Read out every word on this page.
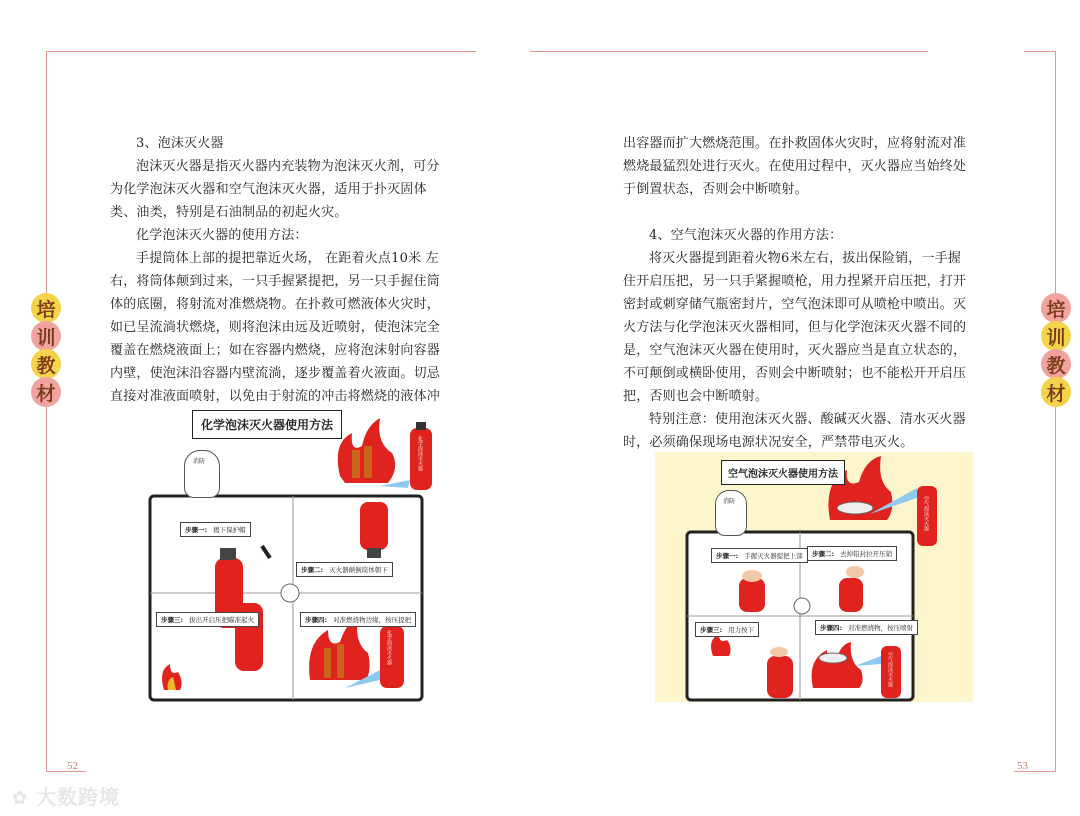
52	53
培
训
教
材
培
训
教
材

3、泡沫灭火器

泡沫灭火器是指灭火器内充装物为泡沫灭火剂，可分为化学泡沫灭火器和空气泡沫灭火器，适用于扑灭固体类、油类，特别是石油制品的初起火灾。

化学泡沫灭火器的使用方法：

手提筒体上部的提把靠近火场， 在距着火点10米 左右，将筒体颠到过来，一只手握紧提把，另一只手握住筒体的底圈，将射流对准燃烧物。在扑救可燃液体火灾时，如已呈流淌状燃烧，则将泡沫由远及近喷射，使泡沫完全覆盖在燃烧液面上；如在容器内燃烧，应将泡沫射向容器内壁，使泡沫沿容器内壁流淌，逐步覆盖着火液面。切忌直接对准液面喷射，以免由于射流的冲击将燃烧的液体冲

出容器而扩大燃烧范围。在扑救固体火灾时，应将射流对准燃烧最猛烈处进行灭火。在使用过程中，灭火器应当始终处于倒置状态，否则会中断喷射。

4、空气泡沫灭火器的作用方法：

将灭火器提到距着火物6米左右，拔出保险销，一手握住开启压把，另一只手紧握喷枪，用力捏紧开启压把，打开密封或刺穿储气瓶密封片，空气泡沫即可从喷枪中喷出。灭火方法与化学泡沫灭火器相同，但与化学泡沫灭火器不同的是，空气泡沫灭火器在使用时，灭火器应当是直立状态的，不可颠倒或横卧使用，否则会中断喷射；也不能松开开启压把，否则也会中断喷射。

特别注意：使用泡沫灭火器、酸碱灭火器、清水灭火器时，必须确保现场电源状况安全，严禁带电灭火。

消防
化学泡沫灭火器使用方法
化学泡沫灭火器
化学泡沫灭火器
步骤一: 揭下保护帽
步骤二: 灭火器颠倒筒体朝下
步骤三: 拔出开启压把瞄准起火	步骤四: 对准燃烧物边缘，按压提把
消防
空气泡沫灭火器使用方法
空气泡沫灭火器
空气泡沫灭火器
步骤一: 手握灭火器提把上部	步骤二: 去掉铅封拉开压销
步骤三: 用力按下	步骤四: 对准燃烧物，按压喷射
✿ 大数跨境
